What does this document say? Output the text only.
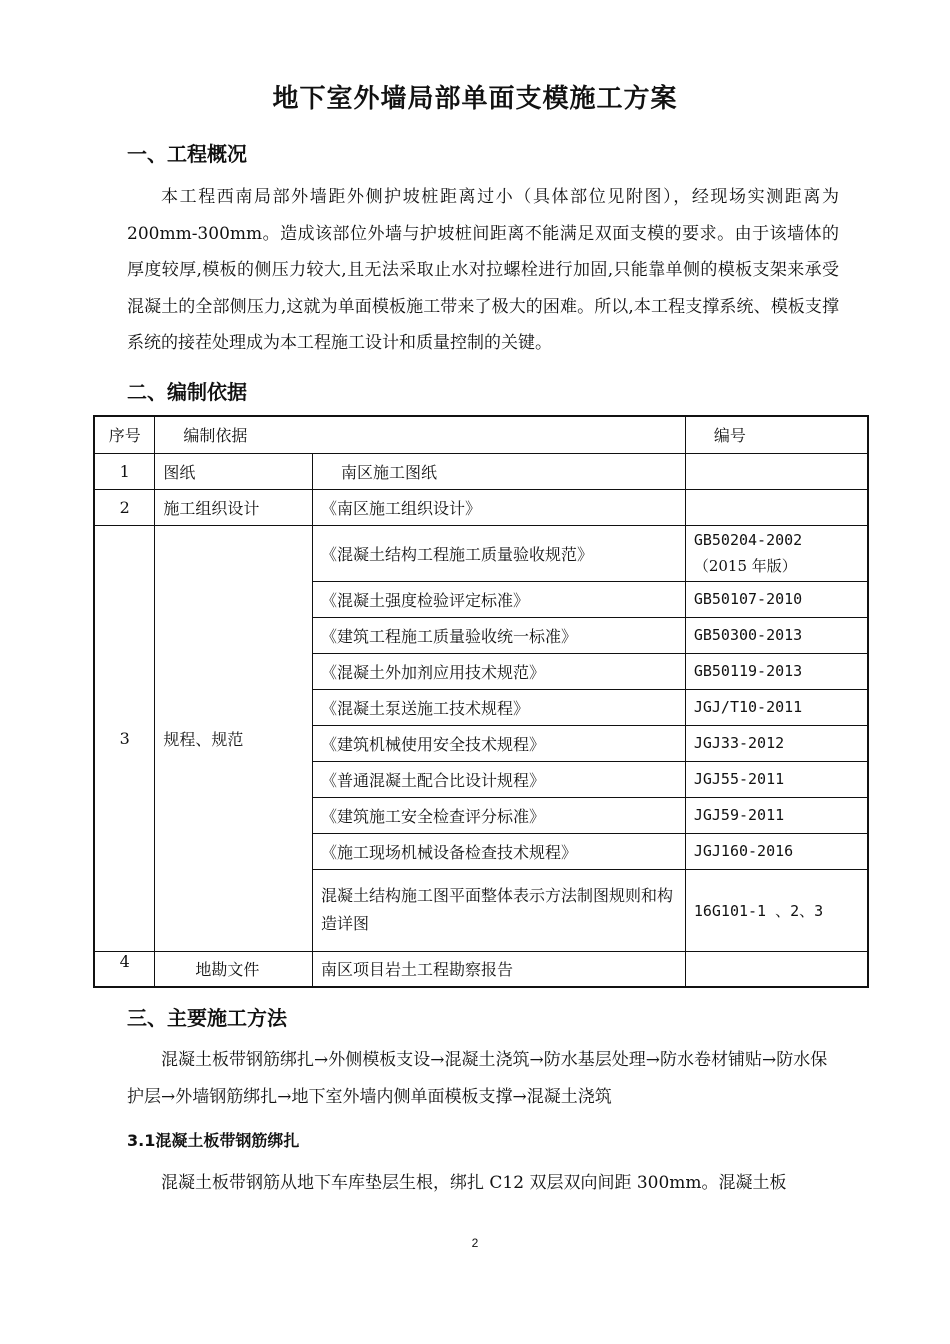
地下室外墙局部单面支模施工方案
一、工程概况

本工程西南局部外墙距外侧护坡桩距离过小（具体部位见附图），经现场实测距离为 200mm-300mm。造成该部位外墙与护坡桩间距离不能满足双面支模的要求。由于该墙体的厚度较厚,模板的侧压力较大,且无法采取止水对拉螺栓进行加固,只能靠单侧的模板支架来承受混凝土的全部侧压力,这就为单面模板施工带来了极大的困难。所以,本工程支撑系统、模板支撑系统的接茬处理成为本工程施工设计和质量控制的关键。

二、编制依据
序号	编制依据		编号
1	图纸	南区施工图纸	
2	施工组织设计	《南区施工组织设计》	
3	规程、规范	《混凝土结构工程施工质量验收规范》	GB50204-2002
（2015 年版）

		《混凝土强度检验评定标准》	GB50107-2010
		《建筑工程施工质量验收统一标准》	GB50300-2013
		《混凝土外加剂应用技术规范》	GB50119-2013
		《混凝土泵送施工技术规程》	JGJ/T10-2011
		《建筑机械使用安全技术规程》	JGJ33-2012
		《普通混凝土配合比设计规程》	JGJ55-2011
		《建筑施工安全检查评分标准》	JGJ59-2011
		《施工现场机械设备检查技术规程》	JGJ160-2016
		混凝土结构施工图平面整体表示方法制图规则和构造详图	16G101-1 、2、3
4	地勘文件	南区项目岩土工程勘察报告	
三、主要施工方法

混凝土板带钢筋绑扎→外侧模板支设→混凝土浇筑→防水基层处理→防水卷材铺贴→防水保护层→外墙钢筋绑扎→地下室外墙内侧单面模板支撑→混凝土浇筑

3.1混凝土板带钢筋绑扎

混凝土板带钢筋从地下车库垫层生根，绑扎 C12 双层双向间距 300mm。混凝土板

2
